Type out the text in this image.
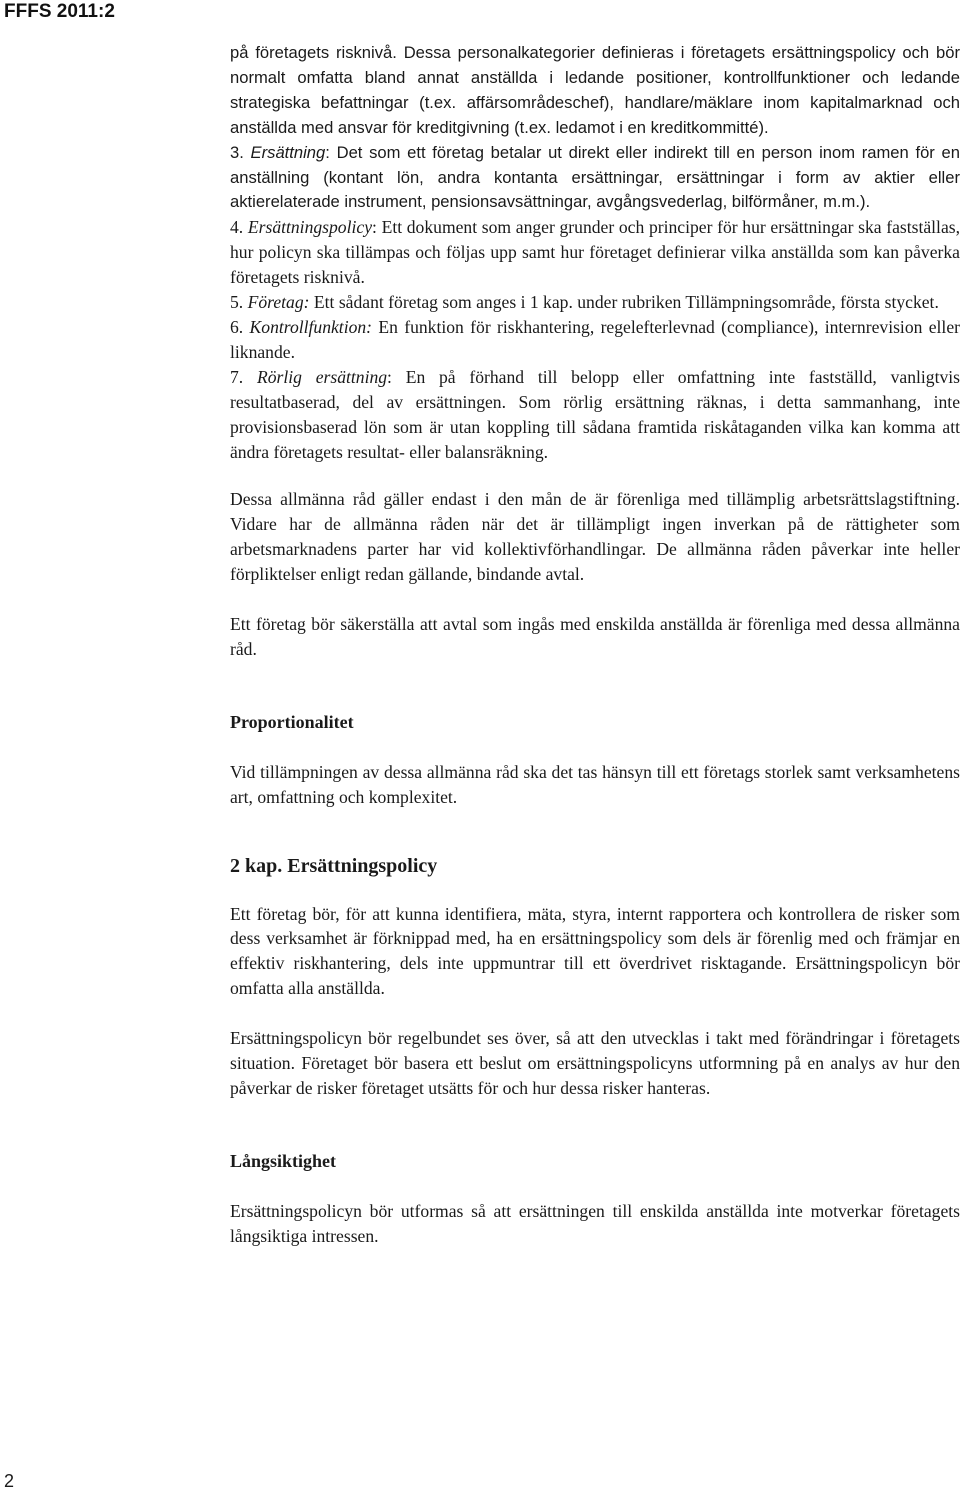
FFFS 2011:2

på företagets risknivå. Dessa personalkategorier definieras i företagets ersättningspolicy och bör normalt omfatta bland annat anställda i ledande positioner, kontrollfunktioner och ledande strategiska befattningar (t.ex. affärsområdeschef), handlare/mäklare inom kapitalmarknad och anställda med ansvar för kreditgivning (t.ex. ledamot i en kreditkommitté).

3. Ersättning: Det som ett företag betalar ut direkt eller indirekt till en person inom ramen för en anställning (kontant lön, andra kontanta ersättningar, ersättningar i form av aktier eller aktierelaterade instrument, pensionsavsättningar, avgångsvederlag, bilförmåner, m.m.).

4. Ersättningspolicy: Ett dokument som anger grunder och principer för hur ersättningar ska fastställas, hur policyn ska tillämpas och följas upp samt hur företaget definierar vilka anställda som kan påverka företagets risknivå.

5. Företag: Ett sådant företag som anges i 1 kap. under rubriken Tillämpningsområde, första stycket.

6. Kontrollfunktion: En funktion för riskhantering, regelefterlevnad (compliance), internrevision eller liknande.

7. Rörlig ersättning: En på förhand till belopp eller omfattning inte fastställd, vanligtvis resultatbaserad, del av ersättningen. Som rörlig ersättning räknas, i detta sammanhang, inte provisionsbaserad lön som är utan koppling till sådana framtida riskåtaganden vilka kan komma att ändra företagets resultat- eller balansräkning.

Dessa allmänna råd gäller endast i den mån de är förenliga med tillämplig arbetsrättslagstiftning. Vidare har de allmänna råden när det är tillämpligt ingen inverkan på de rättigheter som arbetsmarknadens parter har vid kollektivförhandlingar. De allmänna råden påverkar inte heller förpliktelser enligt redan gällande, bindande avtal.

Ett företag bör säkerställa att avtal som ingås med enskilda anställda är förenliga med dessa allmänna råd.

Proportionalitet

Vid tillämpningen av dessa allmänna råd ska det tas hänsyn till ett företags storlek samt verksamhetens art, omfattning och komplexitet.

2 kap. Ersättningspolicy

Ett företag bör, för att kunna identifiera, mäta, styra, internt rapportera och kontrollera de risker som dess verksamhet är förknippad med, ha en ersättningspolicy som dels är förenlig med och främjar en effektiv riskhantering, dels inte uppmuntrar till ett överdrivet risktagande. Ersättningspolicyn bör omfatta alla anställda.

Ersättningspolicyn bör regelbundet ses över, så att den utvecklas i takt med förändringar i företagets situation. Företaget bör basera ett beslut om ersättningspolicyns utformning på en analys av hur den påverkar de risker företaget utsätts för och hur dessa risker hanteras.

Långsiktighet

Ersättningspolicyn bör utformas så att ersättningen till enskilda anställda inte motverkar företagets långsiktiga intressen.

2
